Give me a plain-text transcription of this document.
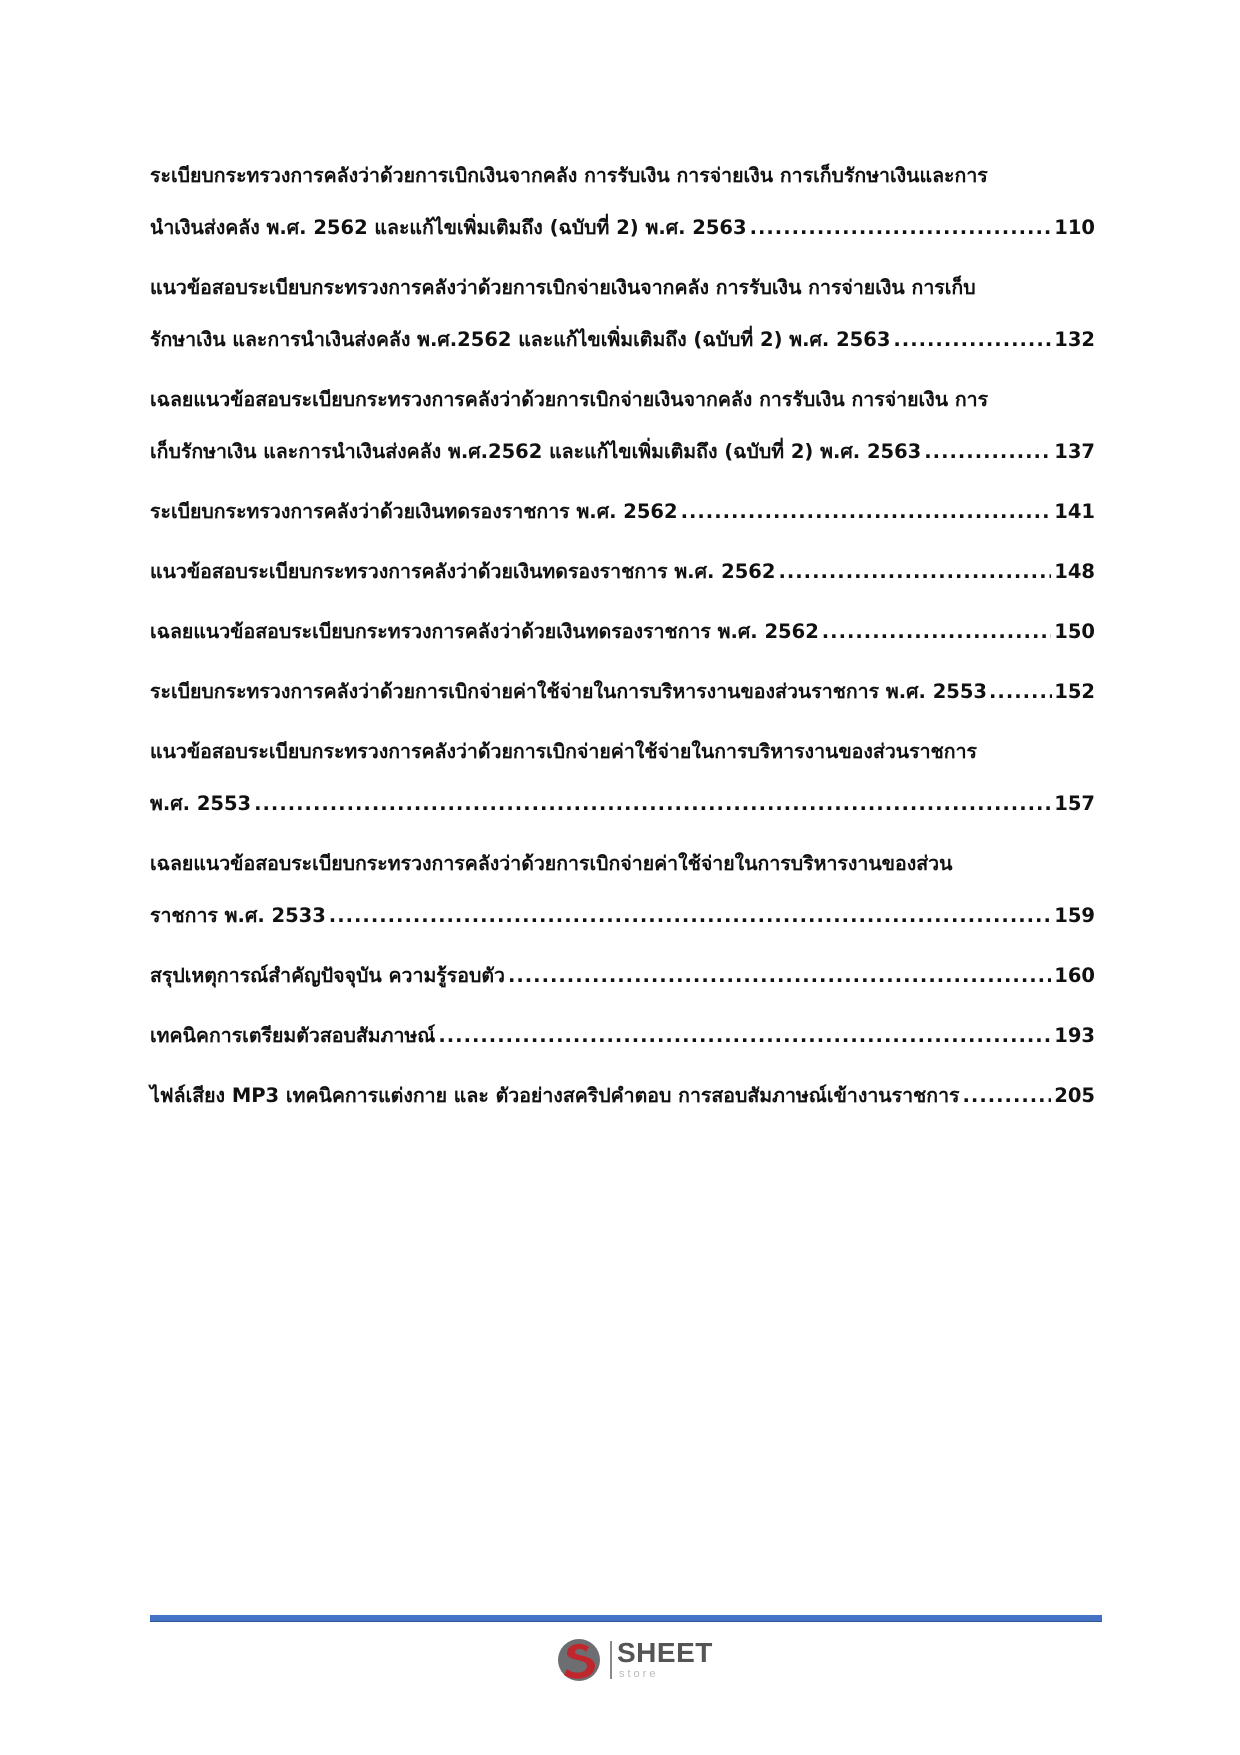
ระเบียบกระทรวงการคลังว่าด้วยการเบิกเงินจากคลัง การรับเงิน การจ่ายเงิน การเก็บรักษาเงินและการ
นำเงินส่งคลัง พ.ศ. 2562 และแก้ไขเพิ่มเติมถึง (ฉบับที่ 2) พ.ศ. 2563 .....	110
แนวข้อสอบระเบียบกระทรวงการคลังว่าด้วยการเบิกจ่ายเงินจากคลัง การรับเงิน การจ่ายเงิน การเก็บ
รักษาเงิน และการนำเงินส่งคลัง พ.ศ.2562 และแก้ไขเพิ่มเติมถึง (ฉบับที่ 2) พ.ศ. 2563 .....	132
เฉลยแนวข้อสอบระเบียบกระทรวงการคลังว่าด้วยการเบิกจ่ายเงินจากคลัง การรับเงิน การจ่ายเงิน การ
เก็บรักษาเงิน และการนำเงินส่งคลัง พ.ศ.2562 และแก้ไขเพิ่มเติมถึง (ฉบับที่ 2) พ.ศ. 2563 .....	137
ระเบียบกระทรวงการคลังว่าด้วยเงินทดรองราชการ พ.ศ. 2562 .....	141
แนวข้อสอบระเบียบกระทรวงการคลังว่าด้วยเงินทดรองราชการ พ.ศ. 2562 .....	148
เฉลยแนวข้อสอบระเบียบกระทรวงการคลังว่าด้วยเงินทดรองราชการ พ.ศ. 2562 .....	150
ระเบียบกระทรวงการคลังว่าด้วยการเบิกจ่ายค่าใช้จ่ายในการบริหารงานของส่วนราชการ พ.ศ. 2553 .....	152
แนวข้อสอบระเบียบกระทรวงการคลังว่าด้วยการเบิกจ่ายค่าใช้จ่ายในการบริหารงานของส่วนราชการ
พ.ศ. 2553 .....	157
เฉลยแนวข้อสอบระเบียบกระทรวงการคลังว่าด้วยการเบิกจ่ายค่าใช้จ่ายในการบริหารงานของส่วน
ราชการ พ.ศ. 2533 .....	159
สรุปเหตุการณ์สำคัญปัจจุบัน ความรู้รอบตัว .....	160
เทคนิคการเตรียมตัวสอบสัมภาษณ์ .....	193
ไฟล์เสียง MP3 เทคนิคการแต่งกาย และ ตัวอย่างสคริปคำตอบ การสอบสัมภาษณ์เข้างานราชการ .....	205
SHEET
store
